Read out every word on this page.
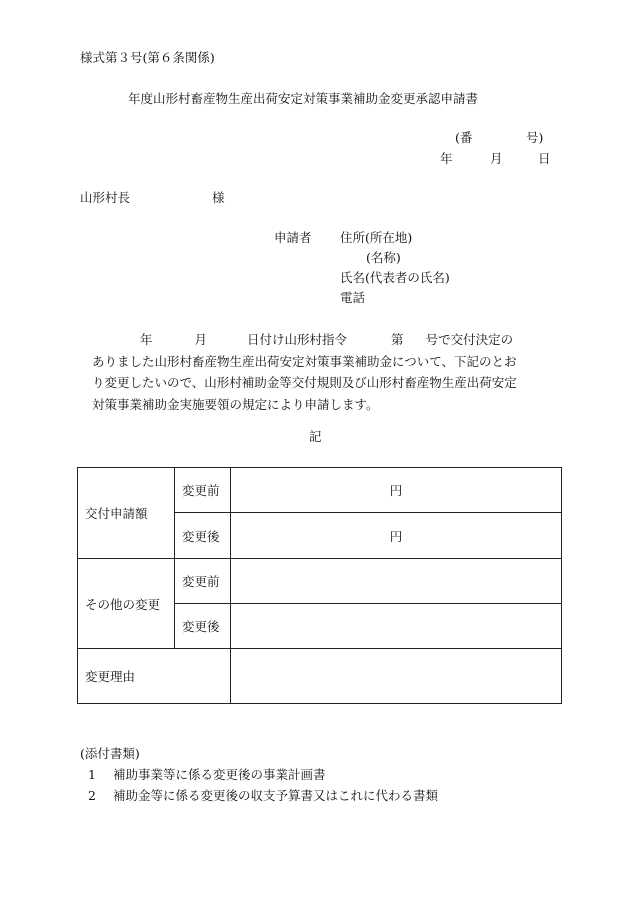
様式第３号(第６条関係)
年度山形村畜産物生産出荷安定対策事業補助金変更承認申請書
(番	号)
年	月	日
山形村長	様
申請者 住所(所在地)
(名称)
氏名(代表者の氏名)
電話
年	月	日付け山形村指令	第 号で交付決定の
ありました山形村畜産物生産出荷安定対策事業補助金について、下記のとお
り変更したいので、山形村補助金等交付規則及び山形村畜産物生産出荷安定
対策事業補助金実施要領の規定により申請します。
記
交付申請額	変更前	円
	変更後	円
その他の変更	変更前	
	変更後	
変更理由		
(添付書類)
1 補助事業等に係る変更後の事業計画書
2 補助金等に係る変更後の収支予算書又はこれに代わる書類
